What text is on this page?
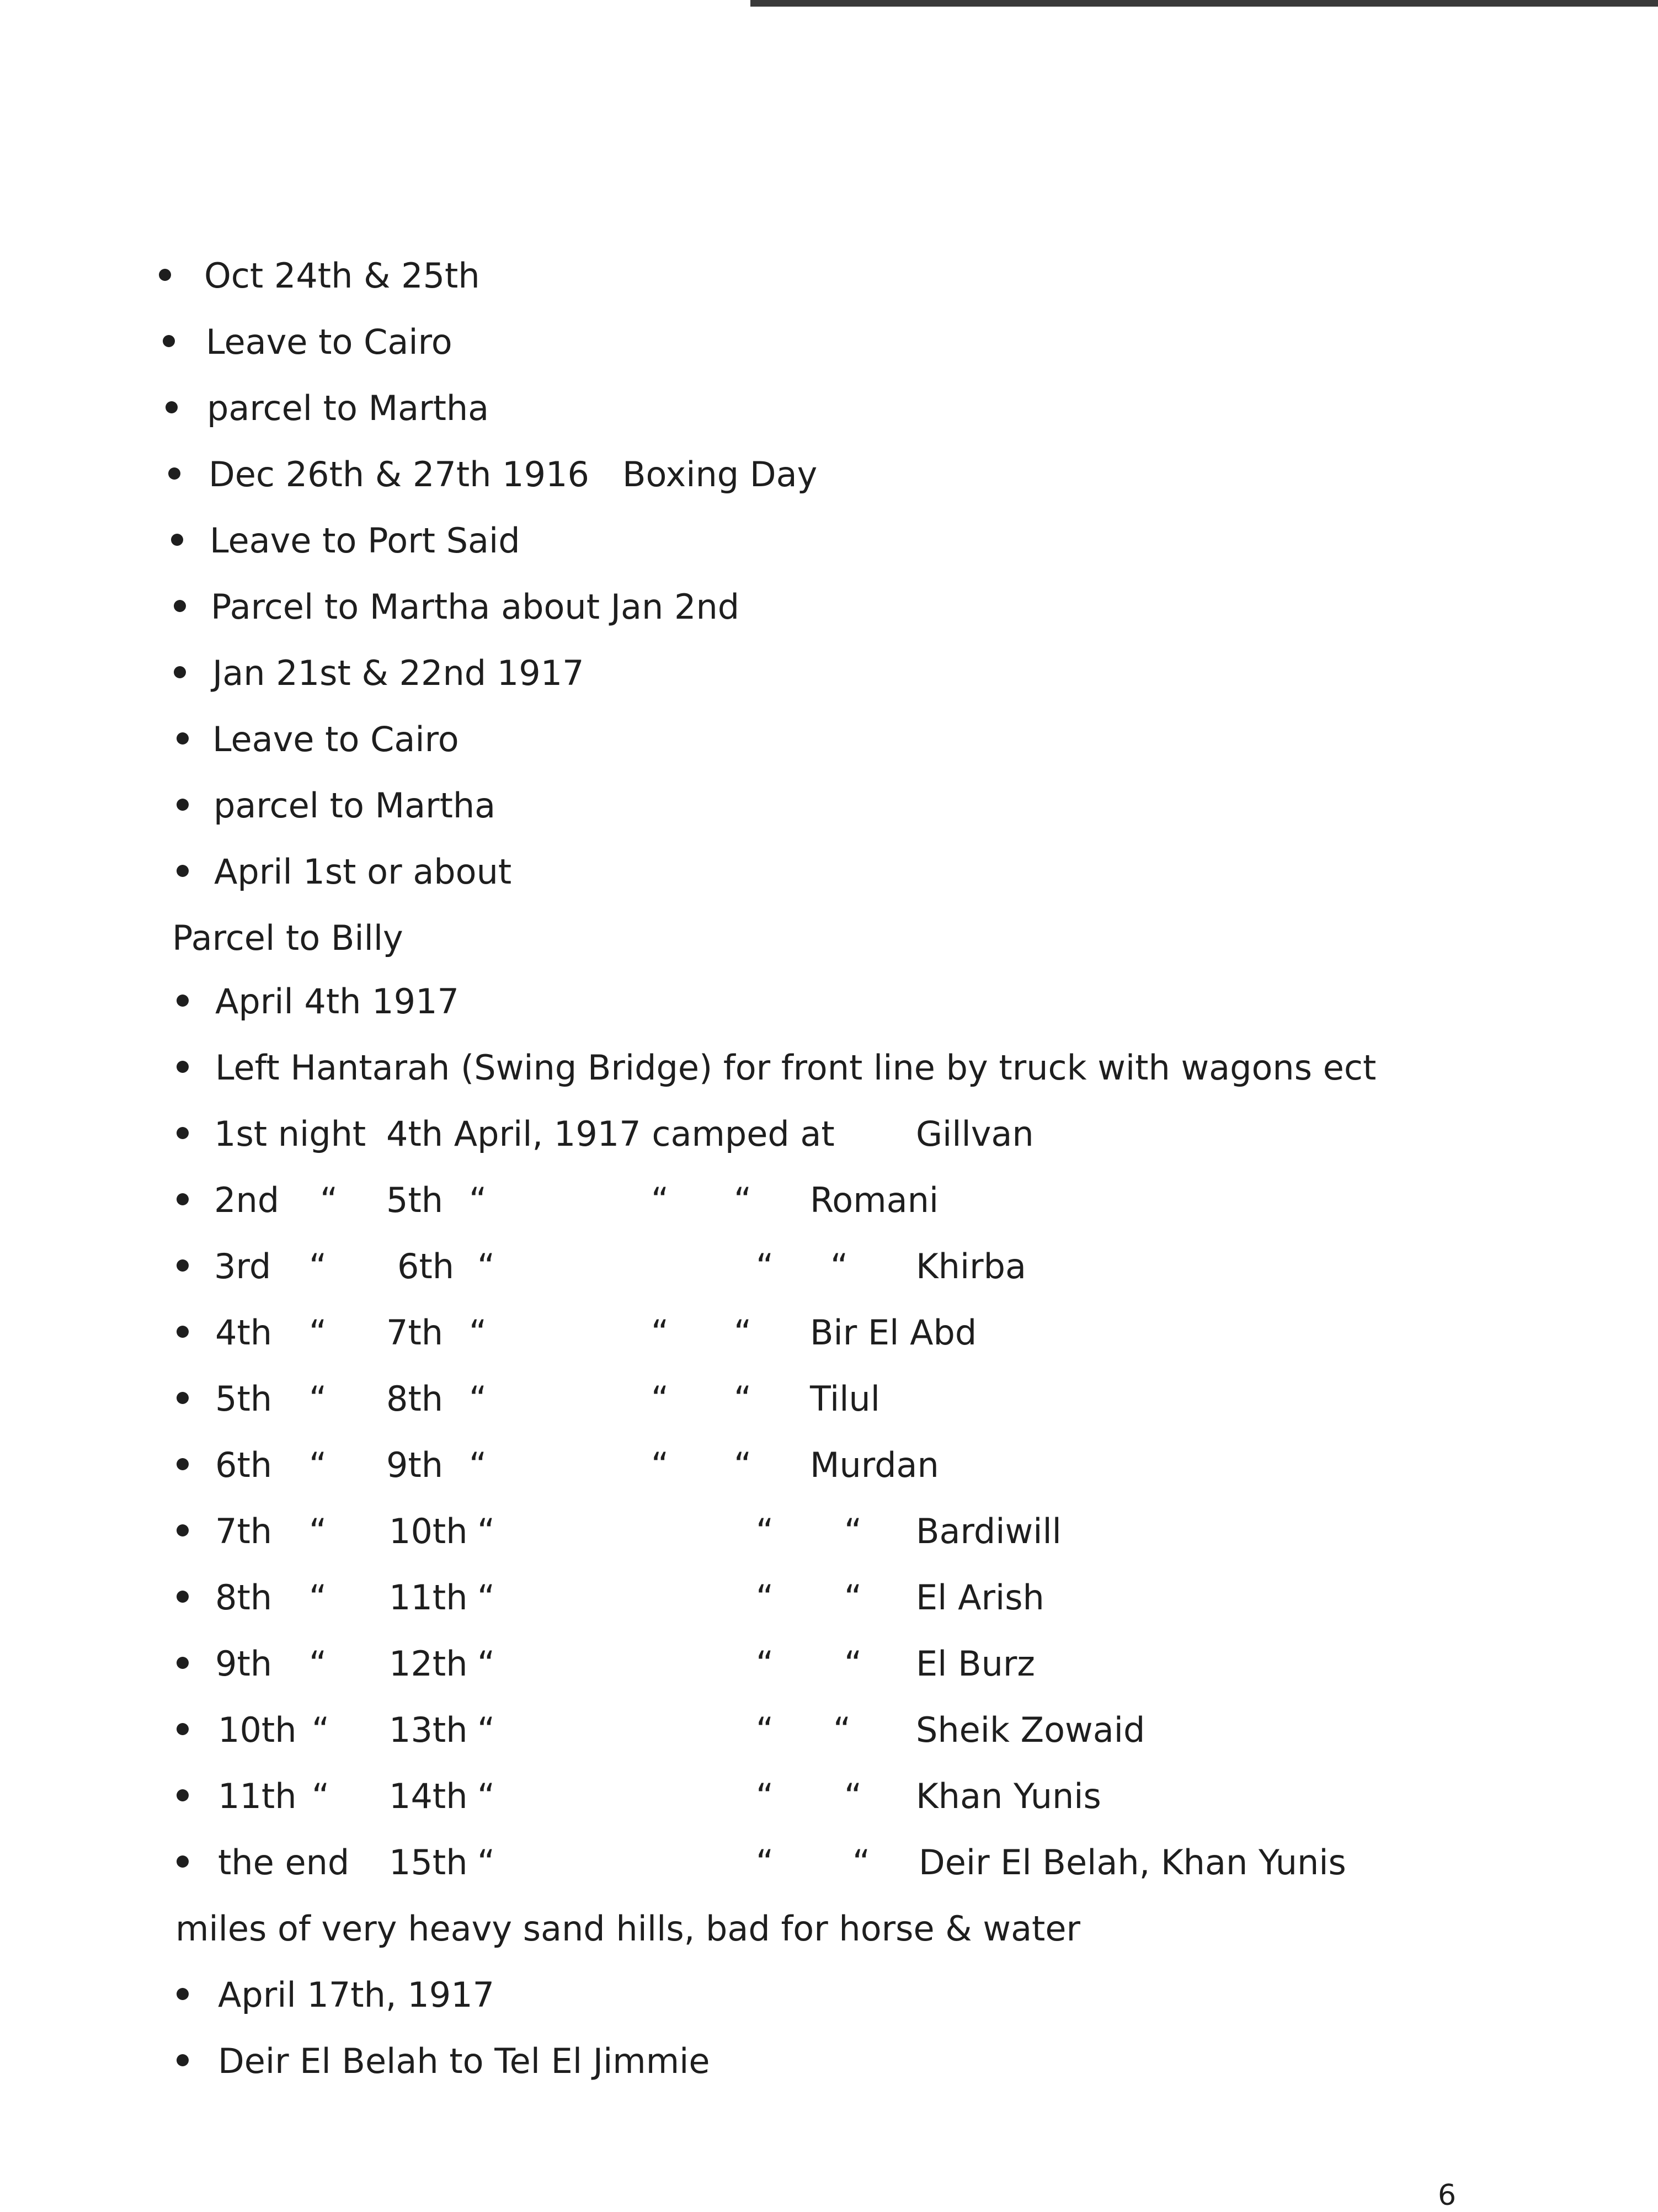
Oct 24th & 25th
Leave to Cairo
parcel to Martha
Dec 26th & 27th 1916 Boxing Day
Leave to Port Said
Parcel to Martha about Jan 2nd
Jan 21st & 22nd 1917
Leave to Cairo
parcel to Martha
April 1st or about
Parcel to Billy
April 4th 1917
Left Hantarah (Swing Bridge) for front line by truck with wagons ect
1st night 4th April, 1917 camped at Gillvan
2nd “ 5th “	“ “ Romani
3rd “ 6th “	“ “ Khirba
4th “ 7th “	“ “ Bir El Abd
5th “ 8th “	“ “ Tilul
6th “ 9th “	“ “ Murdan
7th “ 10th “	“ “ Bardiwill
8th “ 11th “	“ “ El Arish
9th “ 12th “	“ “ El Burz
10th “ 13th “	“ “ Sheik Zowaid
11th “ 14th “	“ “ Khan Yunis
the end 15th “	“ “ Deir El Belah, Khan Yunis
miles of very heavy sand hills, bad for horse & water
April 17th, 1917
Deir El Belah to Tel El Jimmie
6
